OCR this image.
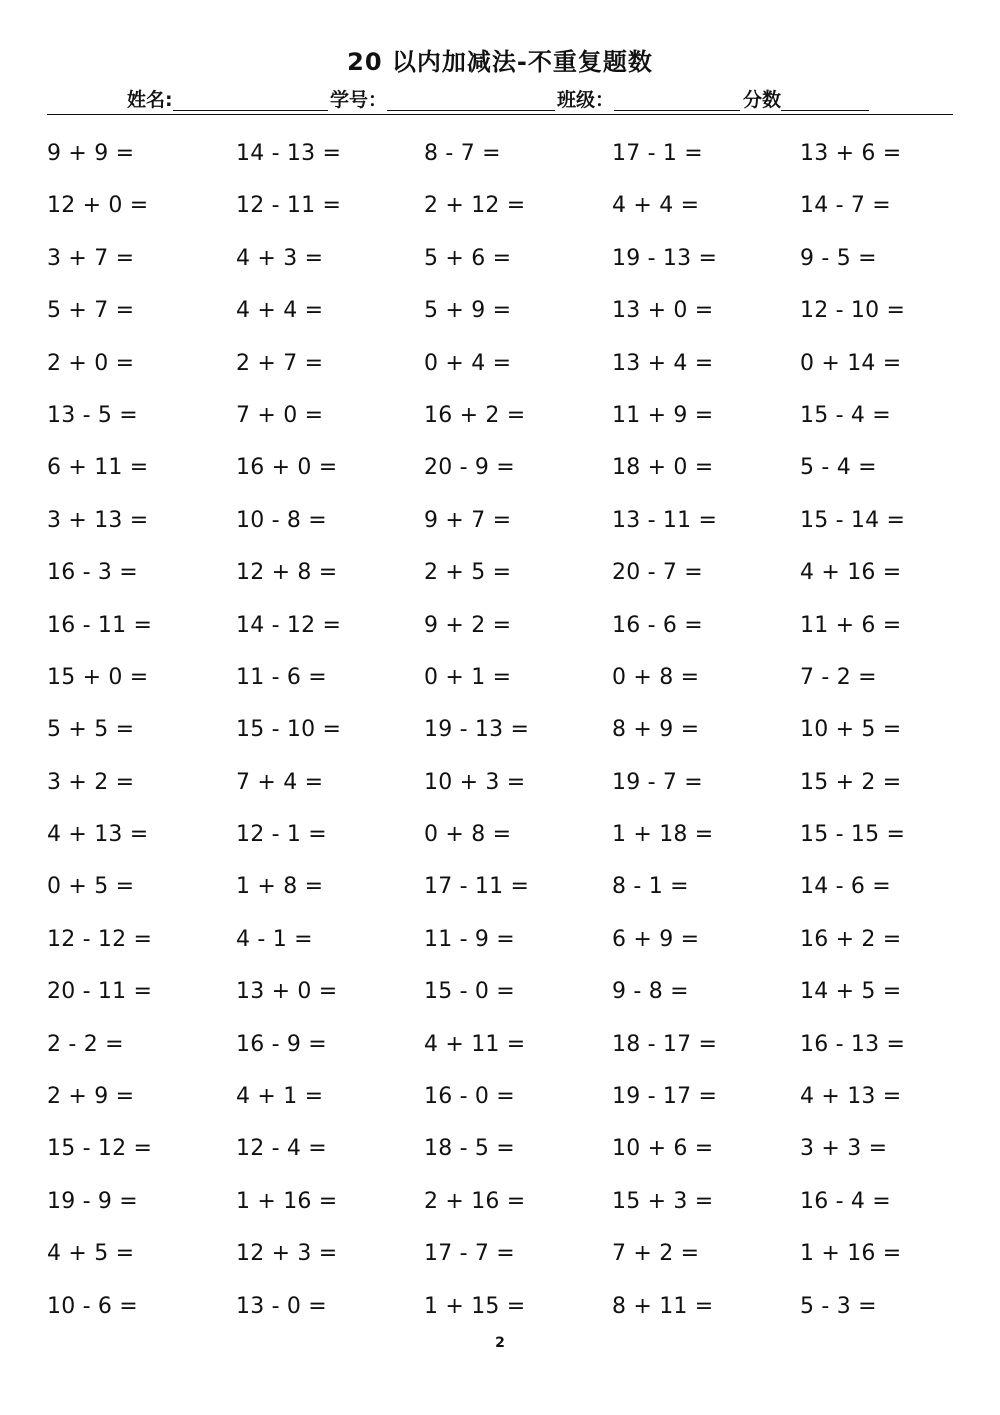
20 以内加减法-不重复题数
姓名:	学号：	班级：	分数
9 + 9 =	14 - 13 =	8 - 7 =	17 - 1 =	13 + 6 =
12 + 0 =	12 - 11 =	2 + 12 =	4 + 4 =	14 - 7 =
3 + 7 =	4 + 3 =	5 + 6 =	19 - 13 =	9 - 5 =
5 + 7 =	4 + 4 =	5 + 9 =	13 + 0 =	12 - 10 =
2 + 0 =	2 + 7 =	0 + 4 =	13 + 4 =	0 + 14 =
13 - 5 =	7 + 0 =	16 + 2 =	11 + 9 =	15 - 4 =
6 + 11 =	16 + 0 =	20 - 9 =	18 + 0 =	5 - 4 =
3 + 13 =	10 - 8 =	9 + 7 =	13 - 11 =	15 - 14 =
16 - 3 =	12 + 8 =	2 + 5 =	20 - 7 =	4 + 16 =
16 - 11 =	14 - 12 =	9 + 2 =	16 - 6 =	11 + 6 =
15 + 0 =	11 - 6 =	0 + 1 =	0 + 8 =	7 - 2 =
5 + 5 =	15 - 10 =	19 - 13 =	8 + 9 =	10 + 5 =
3 + 2 =	7 + 4 =	10 + 3 =	19 - 7 =	15 + 2 =
4 + 13 =	12 - 1 =	0 + 8 =	1 + 18 =	15 - 15 =
0 + 5 =	1 + 8 =	17 - 11 =	8 - 1 =	14 - 6 =
12 - 12 =	4 - 1 =	11 - 9 =	6 + 9 =	16 + 2 =
20 - 11 =	13 + 0 =	15 - 0 =	9 - 8 =	14 + 5 =
2 - 2 =	16 - 9 =	4 + 11 =	18 - 17 =	16 - 13 =
2 + 9 =	4 + 1 =	16 - 0 =	19 - 17 =	4 + 13 =
15 - 12 =	12 - 4 =	18 - 5 =	10 + 6 =	3 + 3 =
19 - 9 =	1 + 16 =	2 + 16 =	15 + 3 =	16 - 4 =
4 + 5 =	12 + 3 =	17 - 7 =	7 + 2 =	1 + 16 =
10 - 6 =	13 - 0 =	1 + 15 =	8 + 11 =	5 - 3 =
2
